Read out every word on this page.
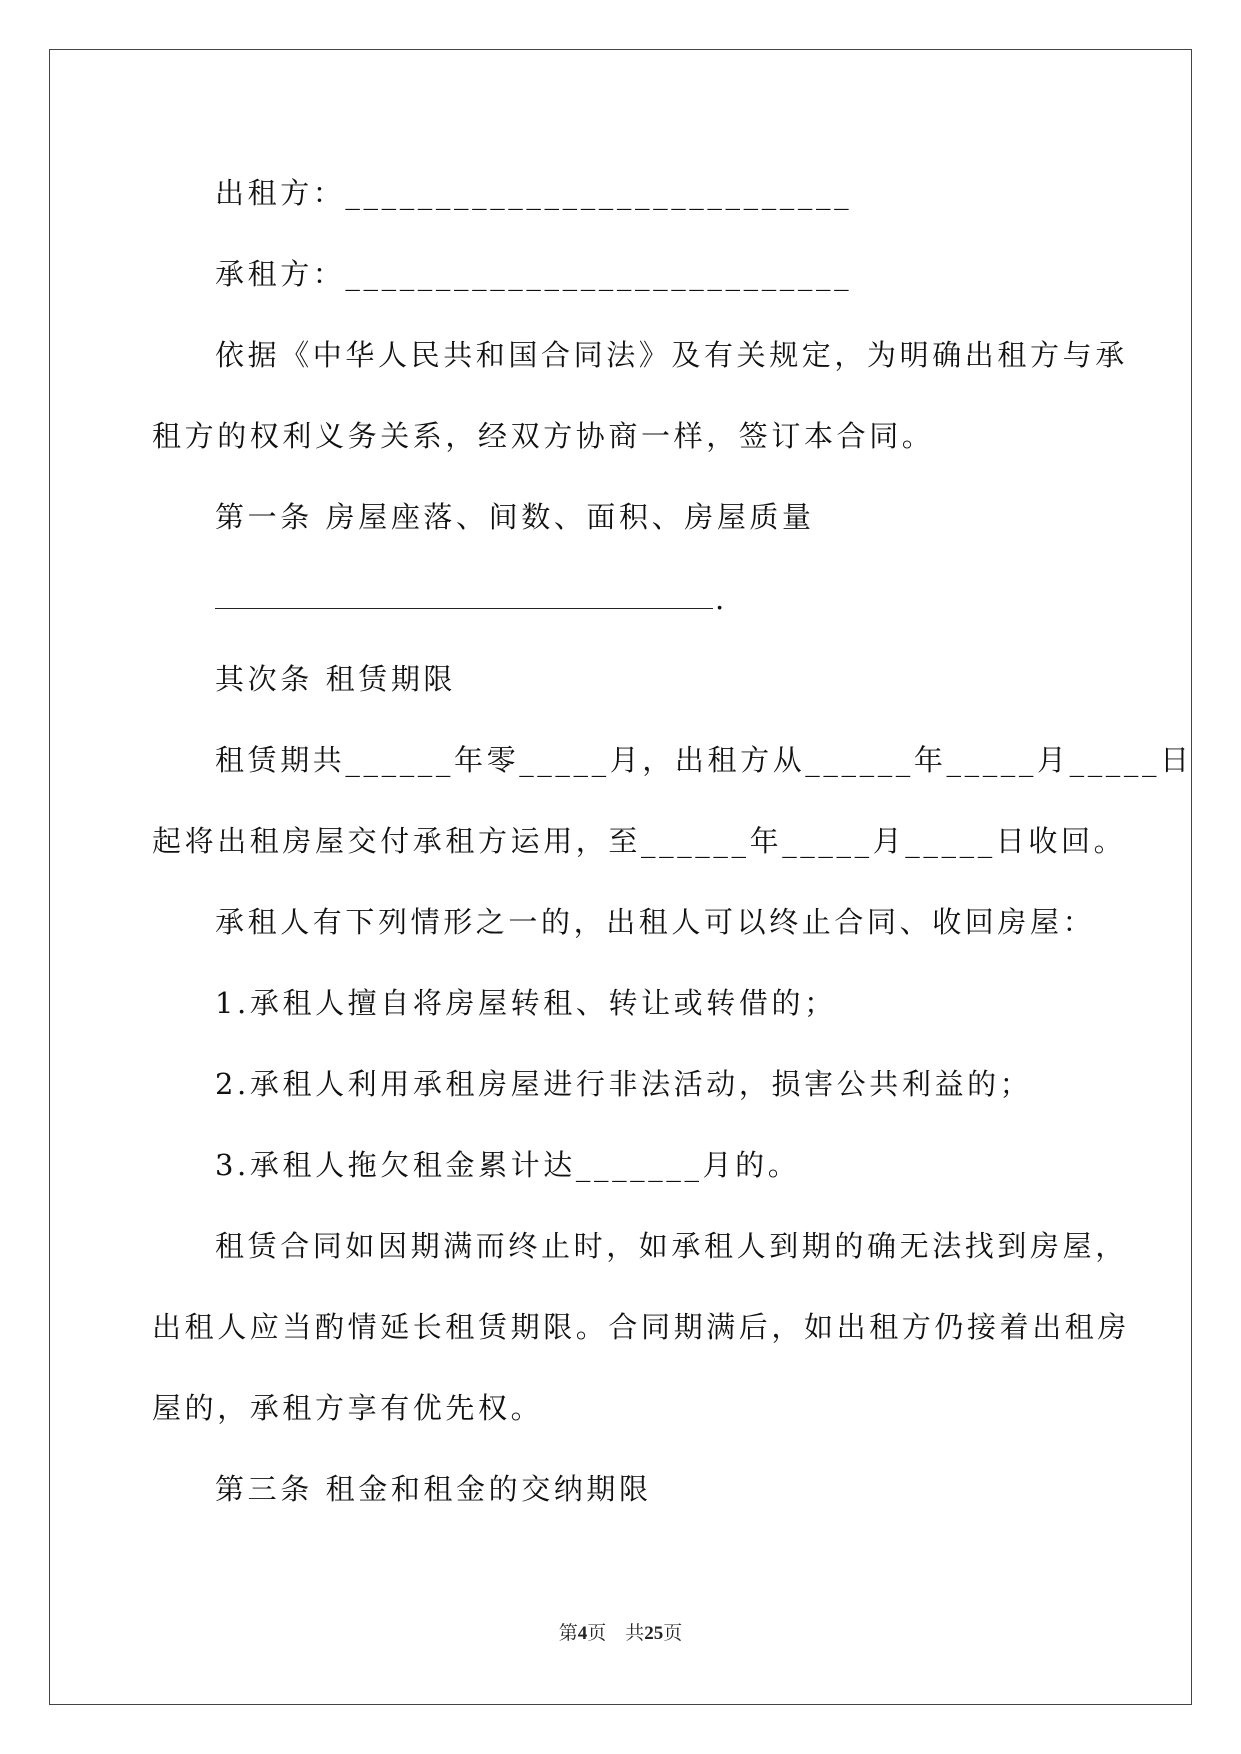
出租方：____________________________
承租方：____________________________
依据《中华人民共和国合同法》及有关规定，为明确出租方与承
租方的权利义务关系，经双方协商一样，签订本合同。
第一条 房屋座落、间数、面积、房屋质量
.
其次条 租赁期限
租赁期共______年零_____月，出租方从______年_____月_____日
起将出租房屋交付承租方运用，至______年_____月_____日收回。
承租人有下列情形之一的，出租人可以终止合同、收回房屋：
1.承租人擅自将房屋转租、转让或转借的；
2.承租人利用承租房屋进行非法活动，损害公共利益的；
3.承租人拖欠租金累计达_______月的。
租赁合同如因期满而终止时，如承租人到期的确无法找到房屋，
出租人应当酌情延长租赁期限。合同期满后，如出租方仍接着出租房
屋的，承租方享有优先权。
第三条 租金和租金的交纳期限
第4页　共25页
